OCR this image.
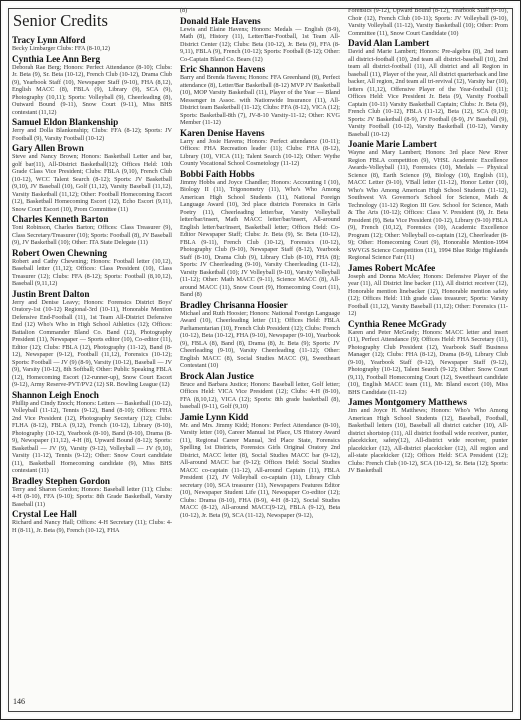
Senior Credits
Tracy Lynn Alford
Becky Limbarger Clubs: FFA (8-10,12)
Cynthia Lee Ann Berg
Deborah Rae Berg; Honors: Perfect Attendance (8-10); Clubs: Jr. Beta (9), Sr. Beta (10-12), French Club (10-12), Drama Club (9), Yearbook Staff (10), Newspaper Staff (9-10), FHA (8,12), English MACC (8), FBLA (9), Library (9), SCA (9), Photography (10,11); Sports: Volleyball (9), Cheerleading (8), Outward Bound (9-11), Snow Court (9-11), Miss BHS contestant (11,12)
Samuel Eldon Blankenship
Jerry and Dolla Blankenship; Clubs: FFA (8-12); Sports: JV Football (9), Varsity Football (10-12)
Gary Allen Brown
Steve and Nancy Brown; Honors: Basketball Letter and bar, golf bar(11), All-District Basketball(12); Offices Held: 10th Grade Class Vice President; Clubs: FBLA (9,10), French Club (10-12), WCC Talent Search (8-12); Sports: JV Basketball (9,10), JV Baseball (10), Golf (11,12), Varsity Baseball (11,12), Varsity Basketball (11,12); Other: Football Homecoming Escort (12), Basketball Homecoming Escort (12), Echo Escort (9,11), Snow Court Escort (10), Prom Committee (11)
Charles Kenneth Barton
Toni Robinson, Charles Barton; Offices: Class Treasurer (9), Class Secretary/Treasurer (10); Sports: Football (8), JV Baseball (9), JV Basketball (10); Other: ITA State Delegate (11)
Robert Owen Chewning
Robert and Cathy Chewning; Honors: Football letter (10,12), Baseball letter (11,12); Offices: Class President (10), Class Treasurer (12); Clubs: FFA (8-12); Sports: Football (8,10,12), Baseball (9,11,12)
Justin Brent Dalton
Jerry and Denise Leavy; Honors: Forensics District Boys' Oratory-1st (10-12) Regional-3rd (10-11), Honorable Mention Defensive End-Football (11), 1st Team All-District Defensive End (12) Who's Who in High School Athletics (12); Offices: Battalion Commander Bland Co. Band (12), Photography President (11), Newspaper — Sports editor (10), Co-editor (11), Editor (12); Clubs: FBLA (12), Photography (11-12), Band (8-12), Newspaper (9-12), Football (11,12), Forensics (10-12); Sports: Football — JV (9) (8-9), Varsity (10-12), Baseball — JV (9), Varsity (10-12), 8th Softball; Other: Public Speaking FBLA (12), Homecoming Escort (12-runner-up), Snow Court Escort (9-12), Army Reserve-PVT/PV2 (12) SR. Bowling League (12)
Shannon Leigh Enoch
Phillip and Cindy Enoch; Honors: Letters — Basketball (10-12), Volleyball (11-12), Tennis (9-12), Band (8-10); Offices: FHA 2nd Vice President (12), Photography Secretary (12); Clubs: FLHA (8-12), FBLA (9,12), French (10-12), Library (8-10), Photography (10-12), Yearbook (8-10), Band (8-10), Drama (8-9), Newspaper (11,12), 4-H (8), Upward Bound (8-12); Sports: Basketball — JV (9), Varsity (9-12), Volleyball — JV (9,10), Varsity (11-12), Tennis (9-12); Other: Snow Court candidate (11), Basketball Homecoming candidate (9), Miss BHS contestant (11)
Bradley Stephen Gordon
Terry and Sharon Gordon; Honors: Baseball letter (11); Clubs: 4-H (8-10), FFA (9-10); Sports: 8th Grade Basketball, Varsity Baseball (11)
Crystal Lee Hall
Richard and Nancy Hall; Offices: 4-H Secretary (11); Clubs: 4-H (8-11), Jr. Beta (9), French (10-12), FHA
(8)
Donald Hale Havens
Lewis and Elaine Havens; Honors: Medals — English (8-9), Math (8), History (11), Letter/Bar-Football, 1st Team All-District Center (12); Clubs: Beta (10-12), Jr. Beta (9), FFA (8-9,11), FBLA (9), French (10-12); Sports: Football (8-12); Other: Co-Captain Bland Co. Bears (12)
Eric Shannon Havens
Barry and Brenda Havens; Honors: FFA Greenhand (8), Perfect attendance (8), Letter/Bar Basketball (8-12) MVP JV Basketball (10), MOP Varsity Basketball (11), Player of the Year — Bland Messenger in Assoc. with Nationwide Insurance (11), All-District team Basketball (11-12); Clubs: FFA (8-12), VICA (12); Sports: Basketball-8th (7), JV-8-10 Varsity-11-12; Other: KVG Member (11-12)
Karen Denise Havens
Larry and Josie Havens; Honors: Perfect attendance (10-11); Offices: FHA Recreation leader (11); Clubs: FHA (8-12), Library (10), VICA (11); Talent Search (10-12); Other: Wythe County Vocational School Cosmetology (11-12)
Bobbi Faith Hobbs
Jimmy Hobbs and Joyce Chandler; Honors: Accounting I (10), Biology II (11), Trigonometry (11), Who's Who Among American High School Students (11), National Foreign Language Award (10), 3rd place districts Forensics in Girls Poetry (11), Cheerleading letter/bar, Varsity Volleyball letter/bar/insert, Math MACC letter/bar/insert, All-around English letter/bar/insert, Basketball letter; Offices Held: Co-Editor Newspaper Staff; Clubs: Jr. Beta (9), Sr. Beta (10-12), FBLA (9-11), French Club (10-12), Forensics (10-12), Photography Club (9-10), Newspaper Staff (8-12), Yearbook Staff (8-10), Drama Club (9), Library Club (8-10), FHA (8); Sports: JV Cheerleading (9-10), Varsity Cheerleading (11-12), Varsity Basketball (10); JV Volleyball (9-10), Varsity Volleyball (11-12); Other: Math MACC (9-11), Science MACC (8), All-around MACC (11), Snow Court (9), Homecoming Court (11), Band (8)
Bradley Chrisanna Hoosier
Michael and Ruth Hoosier; Honors: National Foreign Language Award (10), Cheerleading letter (11); Offices Held: FBLA Parliamentarian (10), French Club President (12); Clubs: French (10-12), Beta (10-12), FHA (9-10), Newspaper (9-10), Yearbook (9), FBLA (8), Band (8), Drama (8), Jr. Beta (9); Sports: JV Cheerleading (9-10), Varsity Cheerleading (11-12); Other: English MACC (8), Social Studies MACC (9), Sweetheart Contestant (10)
Brock Alan Justice
Bruce and Barbara Justice; Honors: Baseball letter, Golf letter; Offices Held: VICA Vice President (12); Clubs: 4-H (8-10), FFA (8,10,12), VICA (12); Sports: 8th grade basketball (8), baseball (9-11), Golf (9,10)
Jamie Lynn Kidd
Mr. and Mrs. Jimmy Kidd; Honors: Perfect Attendance (8-10), Varsity letter (10), Career Manual 1st Place, US History Award (11), Regional Career Manual, 3rd Place State, Forensics Spelling 1st Districts, Forensics Girls Original Oratory 2nd District, MACC letter (8), Social Studies MACC bar (9-12), All-around MACC bar (9-12); Offices Held: Social Studies MACC co-captain (11-12), All-around Captain (11), FBLA President (12), JV Volleyball co-captain (11), Library Club secretary (10), SCA treasurer (11), Newspapers Features Editor (10), Newspaper Student Life (11), Newspaper Co-editor (12); Clubs: Drama (8-10), FHA (8-9), 4-H (8-12), Social Studies MACC (8-12), All-around MACC(9-12), FBLA (9-12), Beta (10-12), Jr. Beta (9), SCA (11-12), Newspaper (9-12),
Forensics (9-12), Upward Bound (8-12), Yearbook Staff (9-10), Choir (12), French Club (10-11); Sports: JV Volleyball (9-10), Varsity Volleyball (11-12), Varsity Basketball (10); Other: Prom Committee (11), Snow Court Candidate (10)
David Alan Lambert
David and Marie Lambert; Honors: Pre-algebra (8), 2nd team all district-football (10), 2nd team all district-baseball (10), 2nd team all district-football (11), All district and all Region in baseball (11), Player of the year, All district quarterback and line backer, All region, 2nd team all tri-revival (12), Varsity bar (10), letters (11,12), Offensive Player of the Year-football (11); Offices Held: Vice President Jr. Beta (9), Varsity Football Captain (10-11) Varsity Basketball Captain; Clubs: Jr. Beta (9), French Club (10-12), FBLA (11-12), Beta (12), SCA (9,10); Sports: JV Basketball (8-9), JV Football (8-9), JV Baseball (9), Varsity Football (10-12), Varsity Basketball (10-12), Varsity Baseball (10-12)
Joanie Marie Lambert
Wayne and Mary Lambert; Honors: 3rd place New River Region FBLA competition (9), VHSL Academic Excellence Awards-Volleyball (11), Forensics (10), Medals — Physical Science (8), Earth Science (9), Biology (10), English (11), MACC Letter (9-10), VBall letter (11-12), Honor Letter (10), Who's Who Among American High School Students (11-12), Southwest VA Governor's School for Science, Math & Technology (11-12) Region III Gov. School for Science, Math & The Arts (10-12); Offices: Class V. President (9), Jr. Beta President (9), Beta Vice President (10-12), Library (9-10) FBLA (9), French (10,12), Forensics (10), Academic Excellence Program (12); Other: Volleyball co-captain (12), Cheerleader (8-9); Other: Homecoming Court (9), Honorable Mention-1994 SWVGS Science Competition (11), 1994 Blue Ridge Highlands Regional Science Fair (11)
James Robert McAfee
Joseph and Donna McAfee; Honors: Defensive Player of the year (11), All District line backer (11), All district receiver (12), Honorable mention linebacker (12), Honorable mention safety (12); Offices Held: 11th grade class treasurer; Sports: Varsity Football (11,12), Varsity Baseball (11,12); Other: Forensics (11-12)
Cynthia Renee McGrady
Karen and Peter McGrady; Honors: MACC letter and insert (11), Perfect Attendance (9); Offices Held: FHA Secretary (11), Photography Club President (12), Yearbook Staff Business Manager (12); Clubs: FHA (8-12), Drama (8-9), Library Club (9-10), Yearbook Staff (9-12), Newspaper Staff (9-12), Photography (10-12), Talent Search (9-12); Other: Snow Court (9,11), Football Homecoming Court (12), Sweetheart candidate (10), English MACC team (11), Mr. Bland escort (10), Miss BHS Candidate (11-12)
James Montgomery Matthews
Jim and Joyce H. Matthews; Honors: Who's Who Among American High School Students (12), Baseball, Football, Basketball letters (10), Baseball all district catcher (10), All-district shortstop (11), All district football wide receiver, punter, placekicker, safety(12), All-district wide receiver, punter placekicker (12), All-district placekicker (12), All region and all-state placekicker (12); Offices Held: SCA President (12); Clubs: French Club (10-12), SCA (10-12), Sr. Beta (12); Sports: JV Basketball

146
